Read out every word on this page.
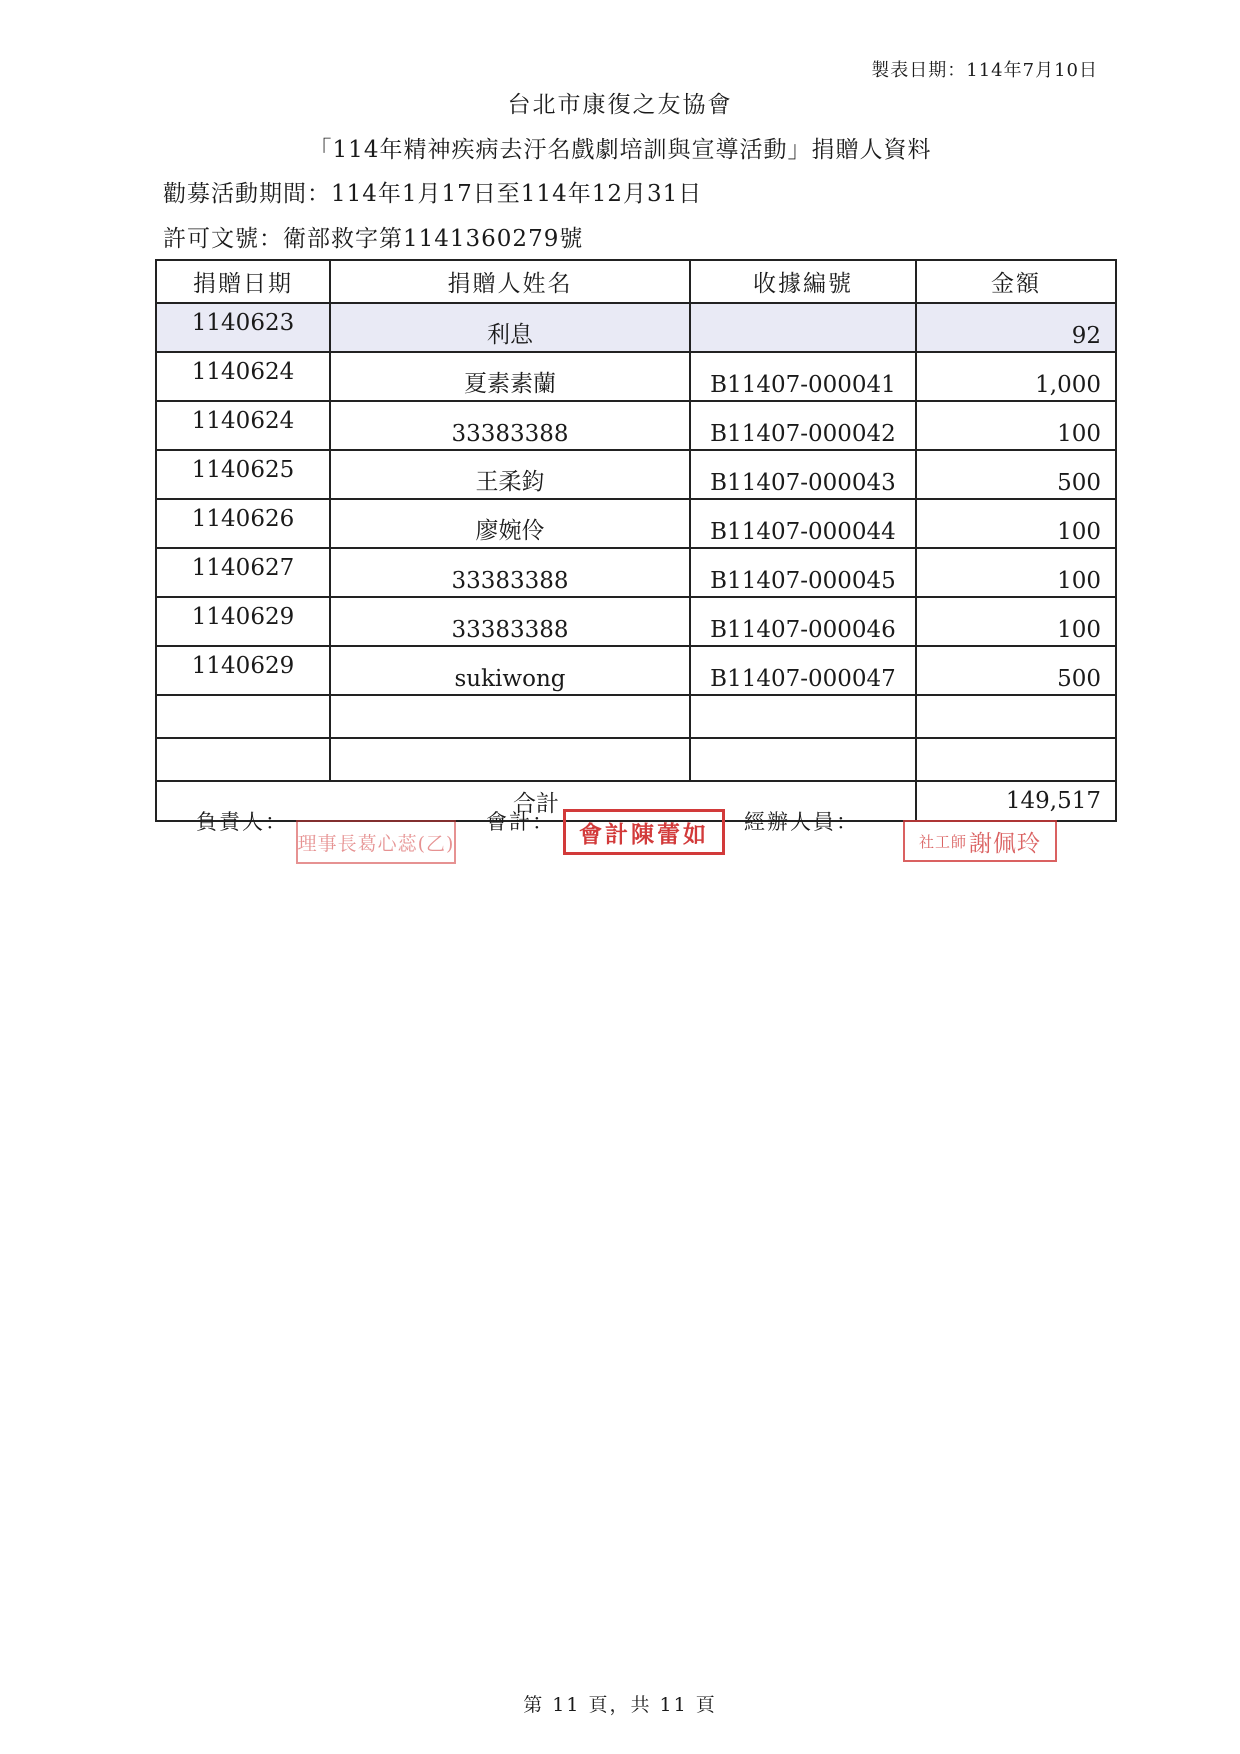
製表日期：114年7月10日
台北市康復之友協會
「114年精神疾病去汙名戲劇培訓與宣導活動」捐贈人資料
勸募活動期間：114年1月17日至114年12月31日
許可文號：衛部救字第1141360279號
捐贈日期	捐贈人姓名	收據編號	金額
1140623	利息		92
1140624	夏素素蘭	B11407-000041	1,000
1140624	33383388	B11407-000042	100
1140625	王柔鈞	B11407-000043	500
1140626	廖婉伶	B11407-000044	100
1140627	33383388	B11407-000045	100
1140629	33383388	B11407-000046	100
1140629	sukiwong	B11407-000047	500

合計			149,517
負責人：
理事長葛心蕊(乙)
會計：	會計陳蕾如	經辦人員：
社工師 謝佩玲
第 11 頁，共 11 頁
